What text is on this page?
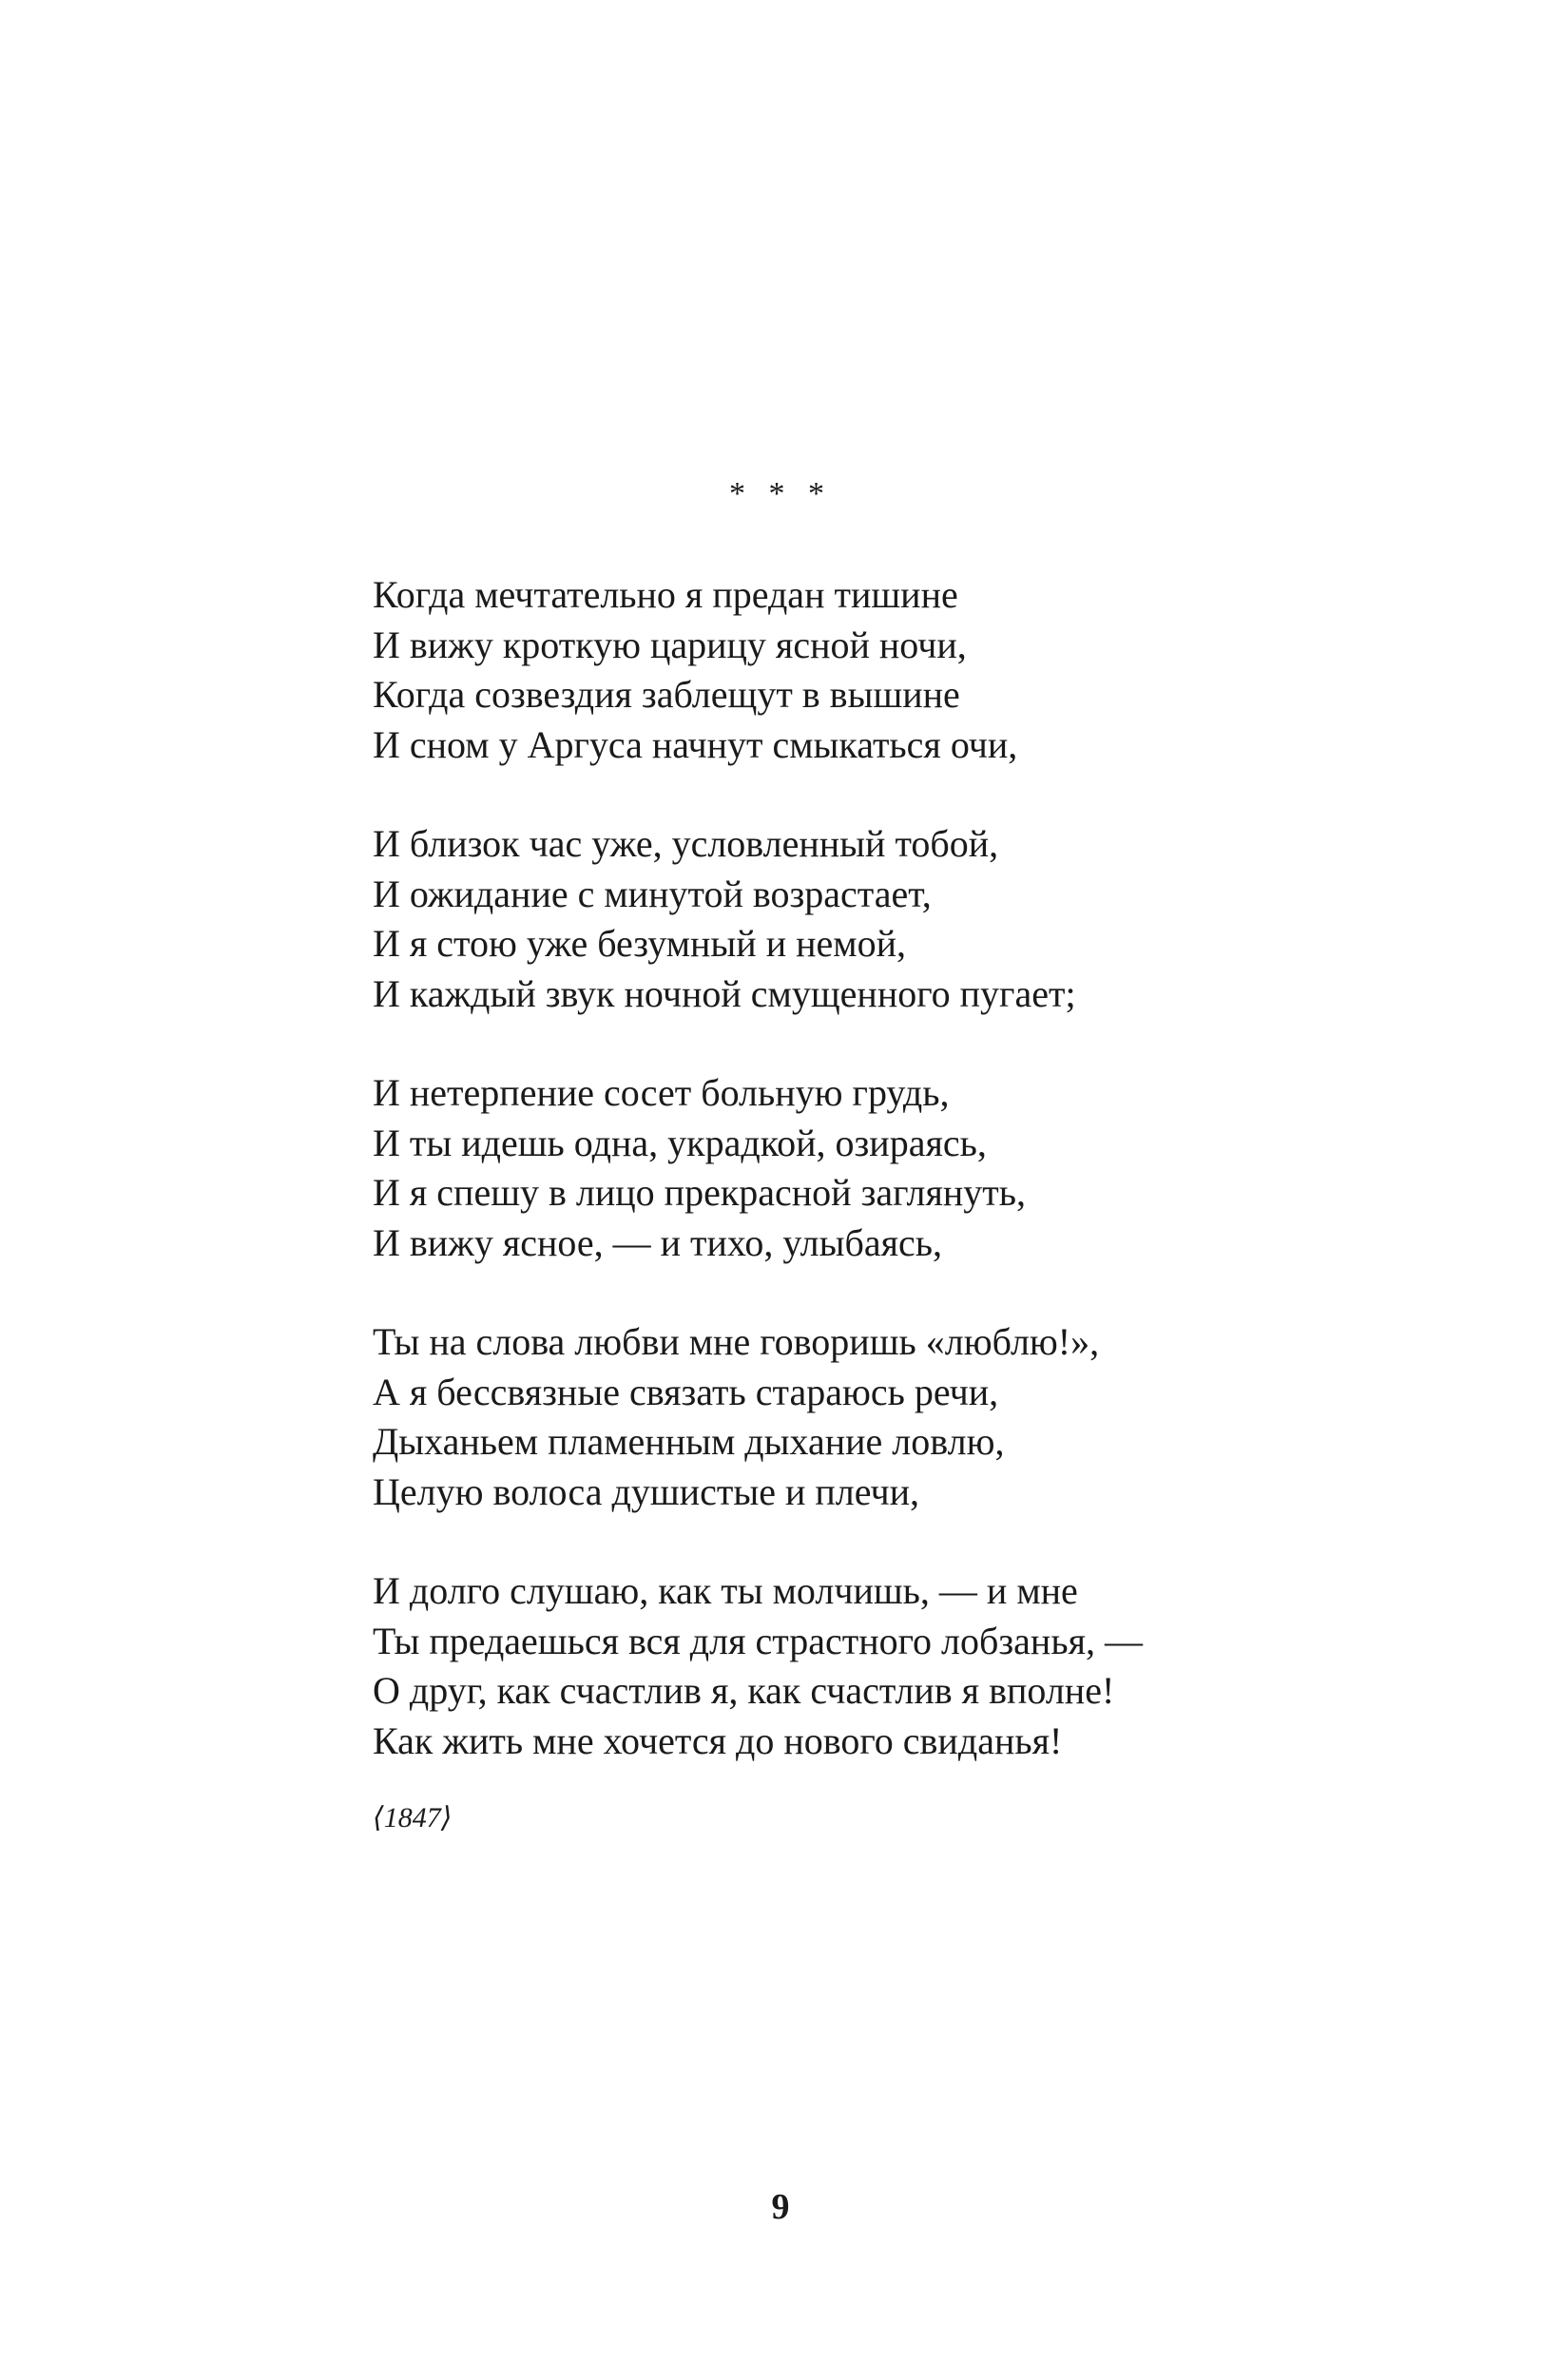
* * *
Когда мечтательно я предан тишине
И вижу кроткую царицу ясной ночи,
Когда созвездия заблещут в вышине
И сном у Аргуса начнут смыкаться очи,
И близок час уже, условленный тобой,
И ожидание с минутой возрастает,
И я стою уже безумный и немой,
И каждый звук ночной смущенного пугает;
И нетерпение сосет больную грудь,
И ты идешь одна, украдкой, озираясь,
И я спешу в лицо прекрасной заглянуть,
И вижу ясное, — и тихо, улыбаясь,
Ты на слова любви мне говоришь «люблю!»,
А я бессвязные связать стараюсь речи,
Дыханьем пламенным дыхание ловлю,
Целую волоса душистые и плечи,
И долго слушаю, как ты молчишь, — и мне
Ты предаешься вся для страстного лобзанья, —
О друг, как счастлив я, как счастлив я вполне!
Как жить мне хочется до нового свиданья!
⟨1847⟩
9
